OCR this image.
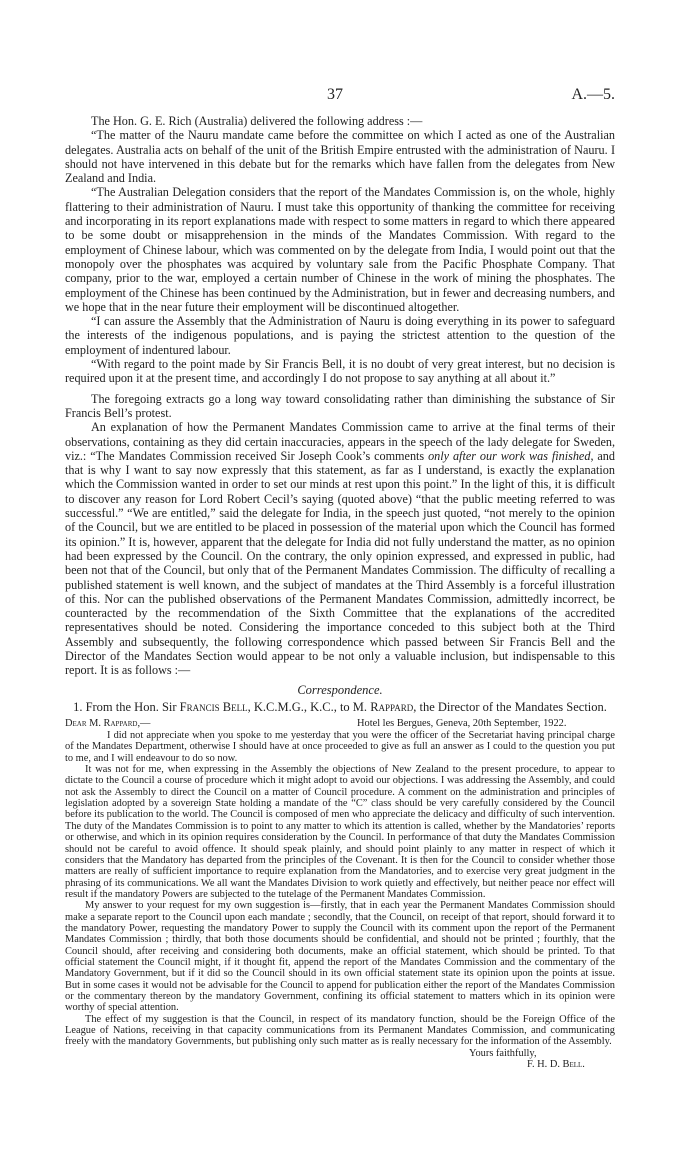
37	A.—5.

The Hon. G. E. Rich (Australia) delivered the following address :—

“The matter of the Nauru mandate came before the committee on which I acted as one of the Australian delegates. Australia acts on behalf of the unit of the British Empire entrusted with the administration of Nauru. I should not have intervened in this debate but for the remarks which have fallen from the delegates from New Zealand and India.

“The Australian Delegation considers that the report of the Mandates Commission is, on the whole, highly flattering to their administration of Nauru. I must take this opportunity of thanking the committee for receiving and incorporating in its report explanations made with respect to some matters in regard to which there appeared to be some doubt or misapprehension in the minds of the Mandates Commission. With regard to the employment of Chinese labour, which was commented on by the delegate from India, I would point out that the monopoly over the phosphates was acquired by voluntary sale from the Pacific Phosphate Company. That company, prior to the war, employed a certain number of Chinese in the work of mining the phosphates. The employment of the Chinese has been continued by the Administration, but in fewer and decreasing numbers, and we hope that in the near future their employment will be discontinued altogether.

“I can assure the Assembly that the Administration of Nauru is doing everything in its power to safeguard the interests of the indigenous populations, and is paying the strictest attention to the question of the employment of indentured labour.

“With regard to the point made by Sir Francis Bell, it is no doubt of very great interest, but no decision is required upon it at the present time, and accordingly I do not propose to say anything at all about it.”

The foregoing extracts go a long way toward consolidating rather than diminishing the substance of Sir Francis Bell’s protest.

An explanation of how the Permanent Mandates Commission came to arrive at the final terms of their observations, containing as they did certain inaccuracies, appears in the speech of the lady delegate for Sweden, viz.: “The Mandates Commission received Sir Joseph Cook’s comments only after our work was finished, and that is why I want to say now expressly that this statement, as far as I understand, is exactly the explanation which the Commission wanted in order to set our minds at rest upon this point.” In the light of this, it is difficult to discover any reason for Lord Robert Cecil’s saying (quoted above) “that the public meeting referred to was successful.” “We are entitled,” said the delegate for India, in the speech just quoted, “not merely to the opinion of the Council, but we are entitled to be placed in possession of the material upon which the Council has formed its opinion.” It is, however, apparent that the delegate for India did not fully understand the matter, as no opinion had been expressed by the Council. On the contrary, the only opinion expressed, and expressed in public, had been not that of the Council, but only that of the Permanent Mandates Commission. The difficulty of recalling a published statement is well known, and the subject of mandates at the Third Assembly is a forceful illustration of this. Nor can the published observations of the Permanent Mandates Commission, admittedly incorrect, be counteracted by the recommendation of the Sixth Committee that the explanations of the accredited representatives should be noted. Considering the importance conceded to this subject both at the Third Assembly and subsequently, the following correspondence which passed between Sir Francis Bell and the Director of the Mandates Section would appear to be not only a valuable inclusion, but indispensable to this report. It is as follows :—

Correspondence.
1. From the Hon. Sir Francis Bell, K.C.M.G., K.C., to M. Rappard, the Director of the Mandates Section.
Dear M. Rappard,—	Hotel les Bergues, Geneva, 20th September, 1922.

I did not appreciate when you spoke to me yesterday that you were the officer of the Secretariat having principal charge of the Mandates Department, otherwise I should have at once proceeded to give as full an answer as I could to the question you put to me, and I will endeavour to do so now.

It was not for me, when expressing in the Assembly the objections of New Zealand to the present procedure, to appear to dictate to the Council a course of procedure which it might adopt to avoid our objections. I was addressing the Assembly, and could not ask the Assembly to direct the Council on a matter of Council procedure. A comment on the administration and principles of legislation adopted by a sovereign State holding a mandate of the “C” class should be very carefully considered by the Council before its publication to the world. The Council is composed of men who appreciate the delicacy and difficulty of such intervention. The duty of the Mandates Commission is to point to any matter to which its attention is called, whether by the Mandatories’ reports or otherwise, and which in its opinion requires consideration by the Council. In performance of that duty the Mandates Commission should not be careful to avoid offence. It should speak plainly, and should point plainly to any matter in respect of which it considers that the Mandatory has departed from the principles of the Covenant. It is then for the Council to consider whether those matters are really of sufficient importance to require explanation from the Mandatories, and to exercise very great judgment in the phrasing of its communications. We all want the Mandates Division to work quietly and effectively, but neither peace nor effect will result if the mandatory Powers are subjected to the tutelage of the Permanent Mandates Commission.

My answer to your request for my own suggestion is—firstly, that in each year the Permanent Mandates Commission should make a separate report to the Council upon each mandate ; secondly, that the Council, on receipt of that report, should forward it to the mandatory Power, requesting the mandatory Power to supply the Council with its comment upon the report of the Permanent Mandates Commission ; thirdly, that both those documents should be confidential, and should not be printed ; fourthly, that the Council should, after receiving and considering both documents, make an official statement, which should be printed. To that official statement the Council might, if it thought fit, append the report of the Mandates Commission and the commentary of the Mandatory Government, but if it did so the Council should in its own official statement state its opinion upon the points at issue. But in some cases it would not be advisable for the Council to append for publication either the report of the Mandates Commission or the commentary thereon by the mandatory Government, confining its official statement to matters which in its opinion were worthy of special attention.

The effect of my suggestion is that the Council, in respect of its mandatory function, should be the Foreign Office of the League of Nations, receiving in that capacity communications from its Permanent Mandates Commission, and communicating freely with the mandatory Governments, but publishing only such matter as is really necessary for the information of the Assembly.

Yours faithfully,
F. H. D. Bell.
